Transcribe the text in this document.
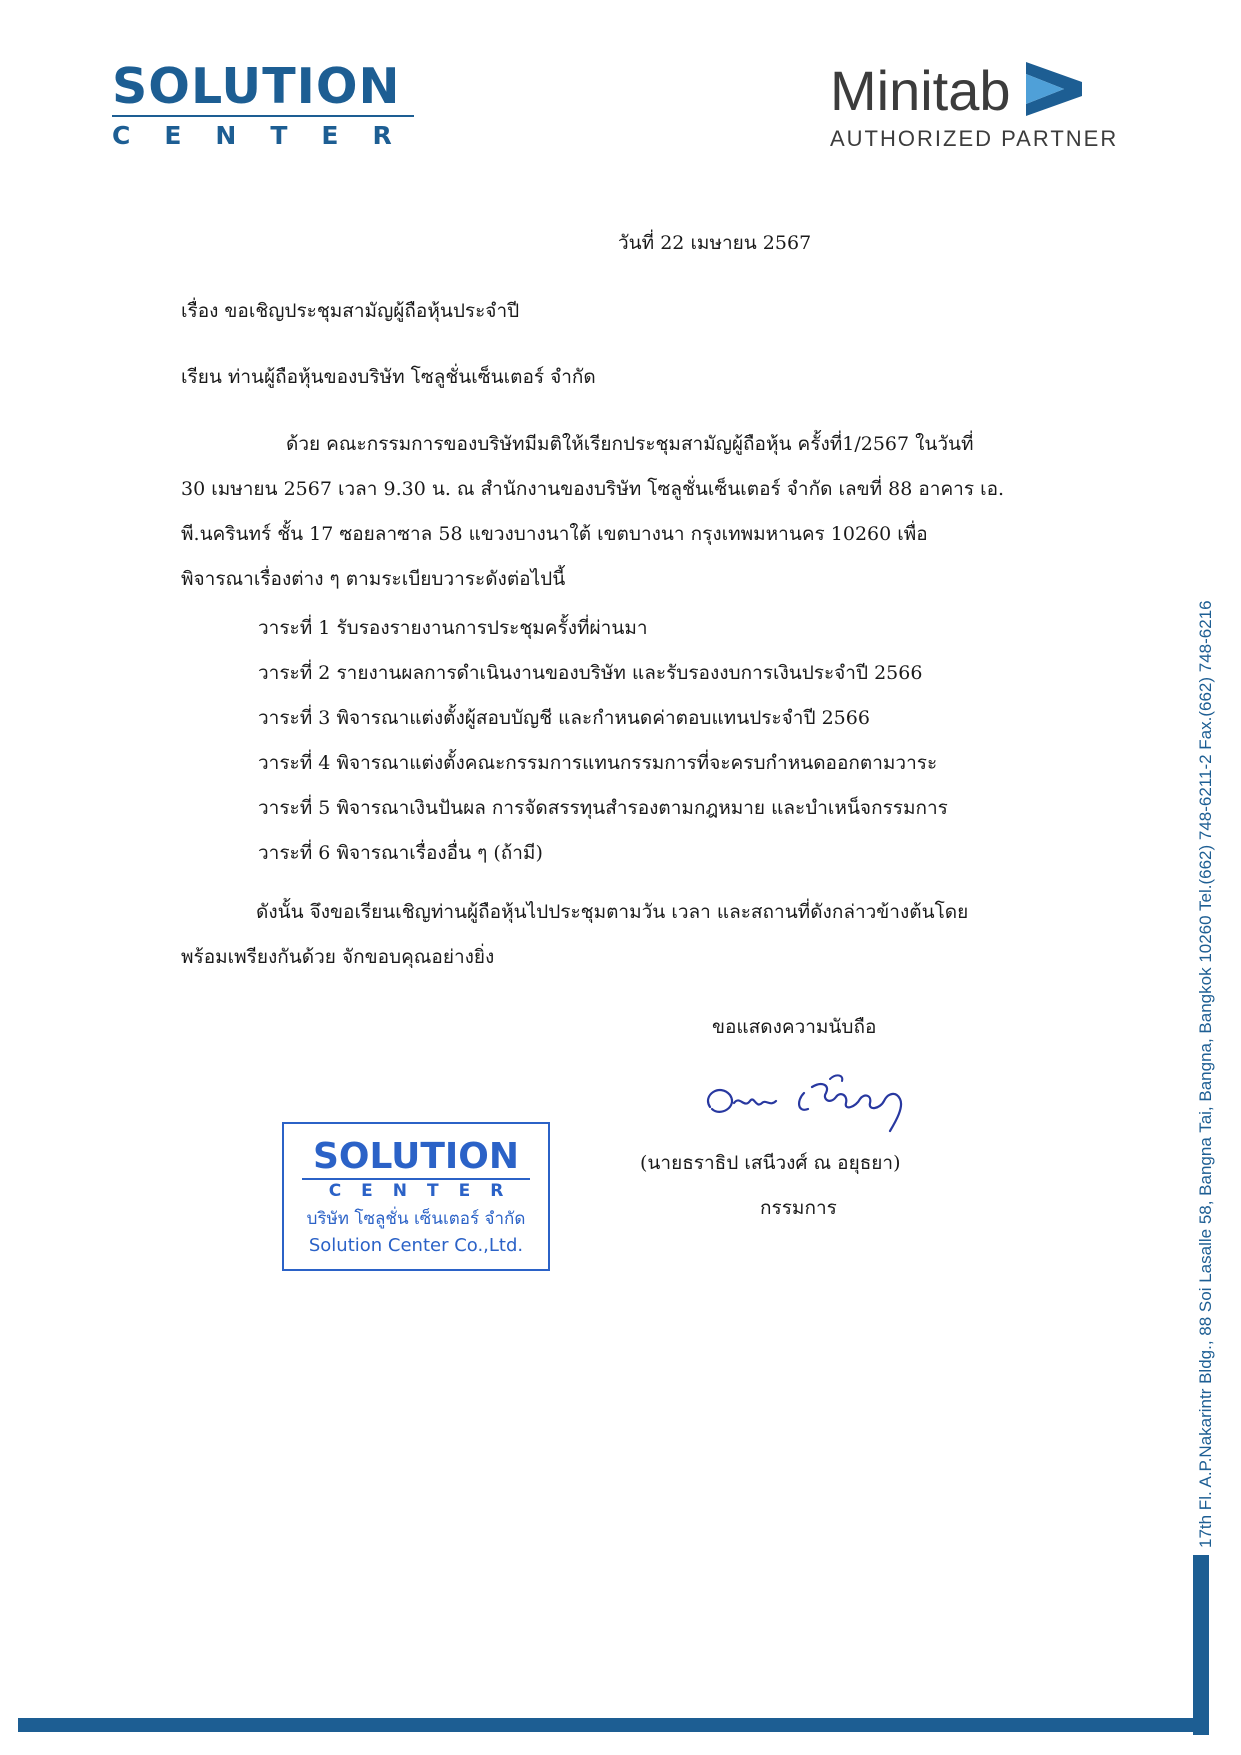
SOLUTION
CENTER
Minitab
AUTHORIZED PARTNER
วันที่ 22 เมษายน 2567
เรื่อง ขอเชิญประชุมสามัญผู้ถือหุ้นประจำปี
เรียน ท่านผู้ถือหุ้นของบริษัท โซลูชั่นเซ็นเตอร์ จำกัด

ด้วย คณะกรรมการของบริษัทมีมติให้เรียกประชุมสามัญผู้ถือหุ้น ครั้งที่1/2567 ในวันที่

30 เมษายน 2567 เวลา 9.30 น. ณ สำนักงานของบริษัท โซลูชั่นเซ็นเตอร์ จำกัด เลขที่ 88 อาคาร เอ.

พี.นครินทร์ ชั้น 17 ซอยลาซาล 58 แขวงบางนาใต้ เขตบางนา กรุงเทพมหานคร 10260 เพื่อ

พิจารณาเรื่องต่าง ๆ ตามระเบียบวาระดังต่อไปนี้

วาระที่ 1 รับรองรายงานการประชุมครั้งที่ผ่านมา
วาระที่ 2 รายงานผลการดำเนินงานของบริษัท และรับรองงบการเงินประจำปี 2566
วาระที่ 3 พิจารณาแต่งตั้งผู้สอบบัญชี และกำหนดค่าตอบแทนประจำปี 2566
วาระที่ 4 พิจารณาแต่งตั้งคณะกรรมการแทนกรรมการที่จะครบกำหนดออกตามวาระ
วาระที่ 5 พิจารณาเงินปันผล การจัดสรรทุนสำรองตามกฎหมาย และบำเหน็จกรรมการ
วาระที่ 6 พิจารณาเรื่องอื่น ๆ (ถ้ามี)

ดังนั้น จึงขอเรียนเชิญท่านผู้ถือหุ้นไปประชุมตามวัน เวลา และสถานที่ดังกล่าวข้างต้นโดย

พร้อมเพรียงกันด้วย จักขอบคุณอย่างยิ่ง

ขอแสดงความนับถือ
(นายธราธิป เสนีวงศ์ ณ อยุธยา)
กรรมการ
SOLUTION
CENTER
บริษัท โซลูชั่น เซ็นเตอร์ จำกัด
Solution Center Co.,Ltd.	17th Fl. A.P.Nakarintr Bldg., 88 Soi Lasalle 58, Bangna Tai, Bangna, Bangkok 10260 Tel.(662) 748-6211-2 Fax.(662) 748-6216
